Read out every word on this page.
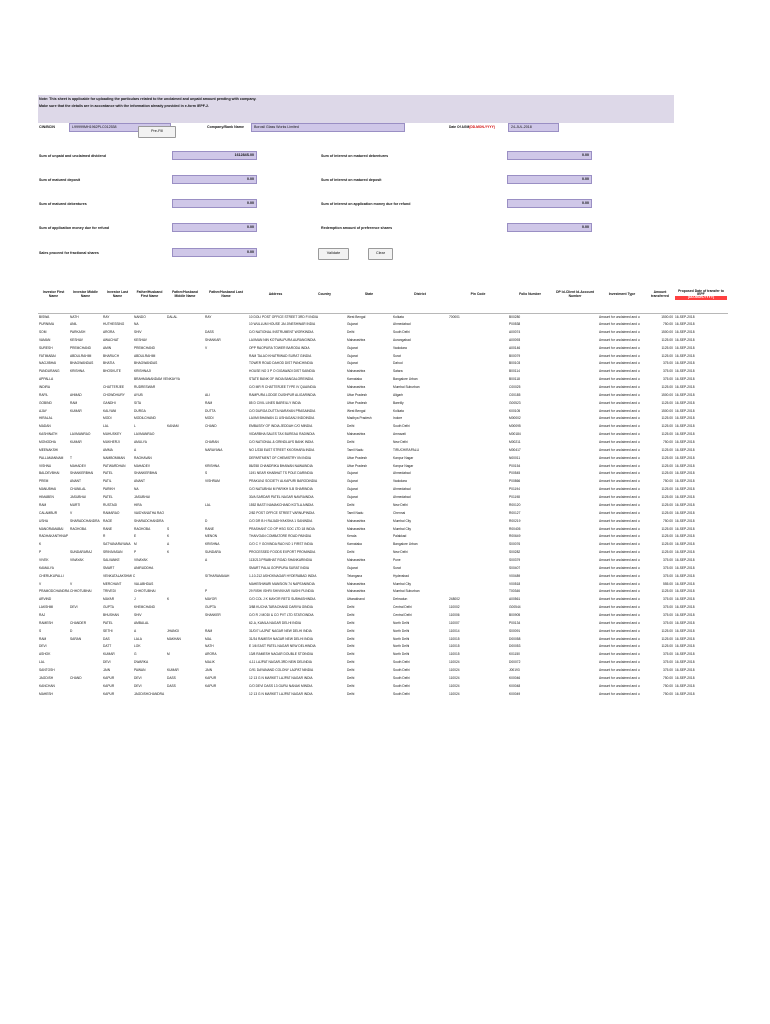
Note: This sheet is applicable for uploading the particulars related to the unclaimed and unpaid amount pending with company.
Make sure that the details are in accordance with the information already provided in e-form IEPF-2.
CIN/BCIN	L99999MH1962PLC012538
Pre-Fill
Company/Bank Name	Borosil Glass Works Limited	Date Of AGM(DD-MON-YYYY)	24-JUL-2018
Sum of unpaid and unclaimed dividend	161284S.00	Sum of interest on matured debentures	0.00
Sum of matured deposit	0.00	Sum of interest on matured deposit	0.00
Sum of matured debentures	0.00	Sum of interest on application money due for refund	0.00
Sum of application money due for refund	0.00	Redemption amount of preference shares	0.00
Sales proceed for fractional shares	0.00	Validate	Clear
Investor First Name	Investor Middle Name	Investor Last Name	Father/Husband First Name	Father/Husband Middle Name	Father/Husband Last Name	Address	Country	State	District	Pin Code	Folio Number	DP Id-Client Id-Account Number	Investment Type	Amount transferred	Proposed Date of transfer to IEPF
(DD-MON-YYYY)

BISWA	NATH	RAY	NANDO	DALAL	RAY	10 DOLI POST OFFICE STREET 3RD FI INDIA		West Bengal	Kolkata	700001	B00280		Amount for unclaimed and u	1500.00	16-SEP-2018
PURNIMA	ANIL	HUTHESSING	NA			10 WULLUM HOUSE JAI JINESHWAR INDIA		Gujarat	Ahmedabad		P00538		Amount for unclaimed and u	750.00	16-SEP-2018
SOM	PARKASH	ARORA	SHIV		DASS	C/O NATIONAL INSTRUMENT WORKINDIA		Delhi	South Delhi		A00074		Amount for unclaimed and u	1500.00	16-SEP-2018
VAMAN	KESHAV	AWACHAT	KESHAV		SHANKAR	LAXMAN NIN KOTWALPURA AURANGINDIA		Maharashtra	Aurangabad		A00093		Amount for unclaimed and u	1125.00	16-SEP-2018
SURESH	PREMCHAND	AMIN	PREMCHAND		V	OPP RAOPURA TOWER BARODA INDIA		Gujarat	Vadodara		A00146		Amount for unclaimed and u	1125.00	16-SEP-2018
FATIMABAI	ABDULRAHIM	BHARUCH	ABDULRAHIM			RAM TALAO KHATRIWAD SURAT GINDIA		Gujarat	Surat		B00079		Amount for unclaimed and u	1125.00	16-SEP-2018
NAGJIBHAI	BHAGWANDAS	BHATIA	BHAGWANDAS			TOWER ROAD DAHOD DIST PANCHINDIA		Gujarat	Dahod		B00103		Amount for unclaimed and u	375.00	16-SEP-2018
PANDURANG	KRISHNA	BHOSKUTE	KRISHNAJI			HOUSE NO 3 P O GIGAWADI DIST SAINDIA		Maharashtra	Satara		B00114		Amount for unclaimed and u	375.00	16-SEP-2018
APPALLA			BRAHMANANDAM VENKAYYA			STATE BANK OF INDIA BANGALOREINDIA		Karnataka	Bangalore Urban		B00118		Amount for unclaimed and u	375.00	16-SEP-2018
INDIRA		CHATTERJEE	RUDRESWAR			C/O MR R CHATTERJEE TYPE IV QUAINDIA		Maharashtra	Mumbai Suburban		C00025		Amount for unclaimed and u	1125.00	16-SEP-2018
RAFIL	AHMAD	CHOWDHURY	AYUB		ALI	RAMPURA LODGE DUSHPUR ALIGARINDIA		Uttar Pradesh	Aligarh		C00185		Amount for unclaimed and u	1500.00	16-SEP-2018
GOBIND	RAM	GANDHI	SITA		RAM	85 D CIVIL LINES BAREILLY INDIA		Uttar Pradesh	Bareilly		G00523		Amount for unclaimed and u	1125.00	16-SEP-2018
AJAY	KUMAR	KALYANI	DURGA		DUTTA	C/O DURGA DUTTA NARAYAN PRASAINDIA		West Bengal	Kolkata		K00105		Amount for unclaimed and u	1500.00	16-SEP-2018
HIRALAL		MODI	MODILCHAND		MODI	LAXMI BHAWAN 11 USHAGANJ INDOINDIA		Madhya Pradesh	Indore		M00002		Amount for unclaimed and u	1125.00	16-SEP-2018
MADAN		LAL	L	KANAM	CHAND	EMBASSY OF INDIA JEDDAH C/O MINDIA		Delhi	South Delhi		M00095		Amount for unclaimed and u	1125.00	16-SEP-2018
KASHINATH	LAXMANRAO	MUHUSKEY	LAXMANRAO			VIDARBHA SALES TAX BUREAU RADINDIA		Maharashtra	Amravati		M00184		Amount for unclaimed and u	1125.00	16-SEP-2018
MONODHA	KUMAR	MUKHERJI	AMULYA		CHARAN	C/O NATIONAL & GRINDLAYS BANK INDIA		Delhi	New Delhi		M00211		Amount for unclaimed and u	750.00	16-SEP-2018
MEENAKSHI		AMMA	A		NARAYANA	NO 1/238 EAST STREET KKOSHARA INDIA		Tamil Nadu	TIRUCHIRAPALLI		M00417		Amount for unclaimed and u	1125.00	16-SEP-2018
PALLAMANNAM	T	NAMBOMMAN	RAGHAVAN			DEPARTMENT OF CHEMISTRY IIN INDIA		Uttar Pradesh	Kanpur Nagar		N00011		Amount for unclaimed and u	1125.00	16-SEP-2018
VISHNU	MAHADEV	PATWARDHAN	MAHADEV		KRISHNA	86/258 CHANDRIKA BHAWAN NAWAINDIA		Uttar Pradesh	Kanpur Nagar		P00154		Amount for unclaimed and u	1125.00	16-SEP-2018
BALDEVBHAI	SHANKERBHAI	PATEL	SHANKERBHAI		S	1191 NEAR KHABHAT TS POLE DARINDIA		Gujarat	Ahmedabad		P00545		Amount for unclaimed and u	1125.00	16-SEP-2018
PREM	ANANT	PATIL	ANANT		VISHRAM	PRAKUNJ SOCIETY ALKAPURI BARODINDIA		Gujarat	Vadodara		P00866		Amount for unclaimed and u	750.00	16-SEP-2018
MANUBHAI	CHUNILAL	PARIKH	NA			C/O NATUBHAI M PARIKH 5-B SHARINDIA		Gujarat	Ahmedabad		P01194		Amount for unclaimed and u	1125.00	16-SEP-2018
HIMABEN	JASUBHAI	PATEL	JASUBHAI			30/A SARDAR PATEL NAGAR NAVRAINDIA		Gujarat	Ahmedabad		P01198		Amount for unclaimed and u	1125.00	16-SEP-2018
RAM	MURTI	RUSTAGI	HIRA		LAL	1552 BASTI NAMAKCHAND KOTLA AINDIA		Delhi	New Delhi		R00120		Amount for unclaimed and u	1125.00	16-SEP-2018
CALAMBUR	V	RAMARAO	VAIDYANATHA RAO			2/82 POST OFFICE STREET VARNUPINDIA		Tamil Nadu	Chennai		R00127		Amount for unclaimed and u	1125.00	16-SEP-2018
USHA	SHARADCHANDRA	RAGE	SHARADCHANDRA		D	C/O DR B H RAJADHYAKSHA 1 SANINDIA		Maharashtra	Mumbai City		R00219		Amount for unclaimed and u	750.00	16-SEP-2018
MANORAMABAI	RAGHOBA	RANE	RAGHOBA	S	RANE	PRASHANT CO OP HSG SOC LTD 18 INDIA		Maharashtra	Mumbai City		R00405		Amount for unclaimed and u	1125.00	16-SEP-2018
RADHAKANTHNAP		R	E	K	MENON	THAIVOAN COMBATORE ROAD PAINDIA		Kerala	Palakkad		R00649		Amount for unclaimed and u	1125.00	16-SEP-2018
K		SATYANARAYANA	M	A	KRISHNA	C/O C Y GOVINDA RAO NO 1 FIRST INDIA		Karnataka	Bangalore Urban		S00076		Amount for unclaimed and u	1125.00	16-SEP-2018
P	SUNDARARAJ	SRINIVASAN	P	K	SUNDARA	PROCESSED FOODS EXPORT PROMINDIA		Delhi	New Delhi		S00282		Amount for unclaimed and u	1125.00	16-SEP-2018
VIVEK	VINAYAK	SALVANKE	VINAYAK		A	113/213 PRABHAT ROAD SHANKARINDIA		Maharashtra	Pune		S00379		Amount for unclaimed and u	375.00	16-SEP-2018
KAMALYA		SMART	ANIRUDDHA			SMART PALIA GOPIPURA SURAT INDIA		Gujarat	Surat		S00407		Amount for unclaimed and u	375.00	16-SEP-2018
CHERUKUPALLI		VENKATALAKSHMI C			SITHARAMAIAH	1-10-212 ASHOKNAGAR HYDERABAD INDIA		Telangana	Hyderabad		V00489		Amount for unclaimed and u	375.00	16-SEP-2018
V	V	MERCHANT	VALABHDAS			MAHESHWARI MANSION 74 NAPEANINDIA		Maharashtra	Mumbai City		V00518		Amount for unclaimed and u	555.00	16-SEP-2018
PRAMODCHANDRA	CHHOTUBHAI	TRIVEDI	CHHOTUBHAI		P	29 RISHI ISHRI SHIVKIKAR VASHI PLINDIA		Maharashtra	Mumbai Suburban		T00346		Amount for unclaimed and u	1125.00	16-SEP-2018
ARVIND		MAYAR	J	K	MAYOR	C/O COL J K MAYOR RETD SUBHASHINDIA		Uttarakhand	Dehradun	248002	A00561		Amount for unclaimed and u	375.00	16-SEP-2018
LAKSHMI	DEVI	GUPTA	KHEMCHAND		GUPTA	3/88 KUCHA TARACHAND DARIYA GINDIA		Delhi	Central Delhi	110002	G00544		Amount for unclaimed and u	375.00	16-SEP-2018
RAJ		BHUSHAN	SHIV		SHANKER	C/O R J MODI & CO PVT LTD STATIOINDIA		Delhi	Central Delhi	110006	B00905		Amount for unclaimed and u	375.00	16-SEP-2018
RAMESH	CHANDER	PATEL	AMBALAL			62-A, KAMLA NAGAR DELHI INDIA		Delhi	North Delhi	110007	P00134		Amount for unclaimed and u	375.00	16-SEP-2018
S	D	SETHI	A	JHANGI	RAM	31/D/7 LAJPAT NAGAR NEW DELHI INDIA		Delhi	North Delhi	110014	S00091		Amount for unclaimed and u	1125.00	16-SEP-2018
RAM	SARAN	DAS	LALA	MAKHAN	MAL	31/34 RAMESH NAGAR NEW DELHI INDIA		Delhi	North Delhi	110015	D00058		Amount for unclaimed and u	1125.00	16-SEP-2018
DEVI		DATT	LOK		NATH	E 1/6 EAST PATEL NAGAR NEW DELHINDIA		Delhi	North Delhi	110015	D00053		Amount for unclaimed and u	1125.00	16-SEP-2018
ASHOK		KUMAR	G	M	ARORA	13/8 RAMESH NAGAR DOUBLE STOINDIA		Delhi	North Delhi	110015	K01150		Amount for unclaimed and u	375.00	16-SEP-2018
LAL		DEVI	DWARKA		MALIK	4-11 LAJPAT NAGAR-3RD NEW DELINDIA		Delhi	South Delhi	110024	D00072		Amount for unclaimed and u	375.00	16-SEP-2018
SANTOSH		JAIN	PAWAN	KUMAR	JAIN	C/91 DAYANAND COLONY LAJPAT NINDIA		Delhi	South Delhi	110024	J00193		Amount for unclaimed and u	375.00	16-SEP-2018
JAGDISH	CHAND	KAPUR	DEVI	DASS	KAPUR	12 13 G N MARKET LAJPAT NAGAR INDIA		Delhi	South Delhi	110024	K00046		Amount for unclaimed and u	750.00	16-SEP-2018
KANCHAN		KAPUR	DEVI	DASS	KAPUR	C/O DEVI DASS 13 GURU NANAK MINDIA		Delhi	South Delhi	110024	K00048		Amount for unclaimed and u	750.00	16-SEP-2018
MAHESH		KAPUR	JAGDISHCHANDRA			12 13 G N MARKET LAJPAT NAGAR INDIA		Delhi	South Delhi	110024	K00049		Amount for unclaimed and u	750.00	16-SEP-2018
